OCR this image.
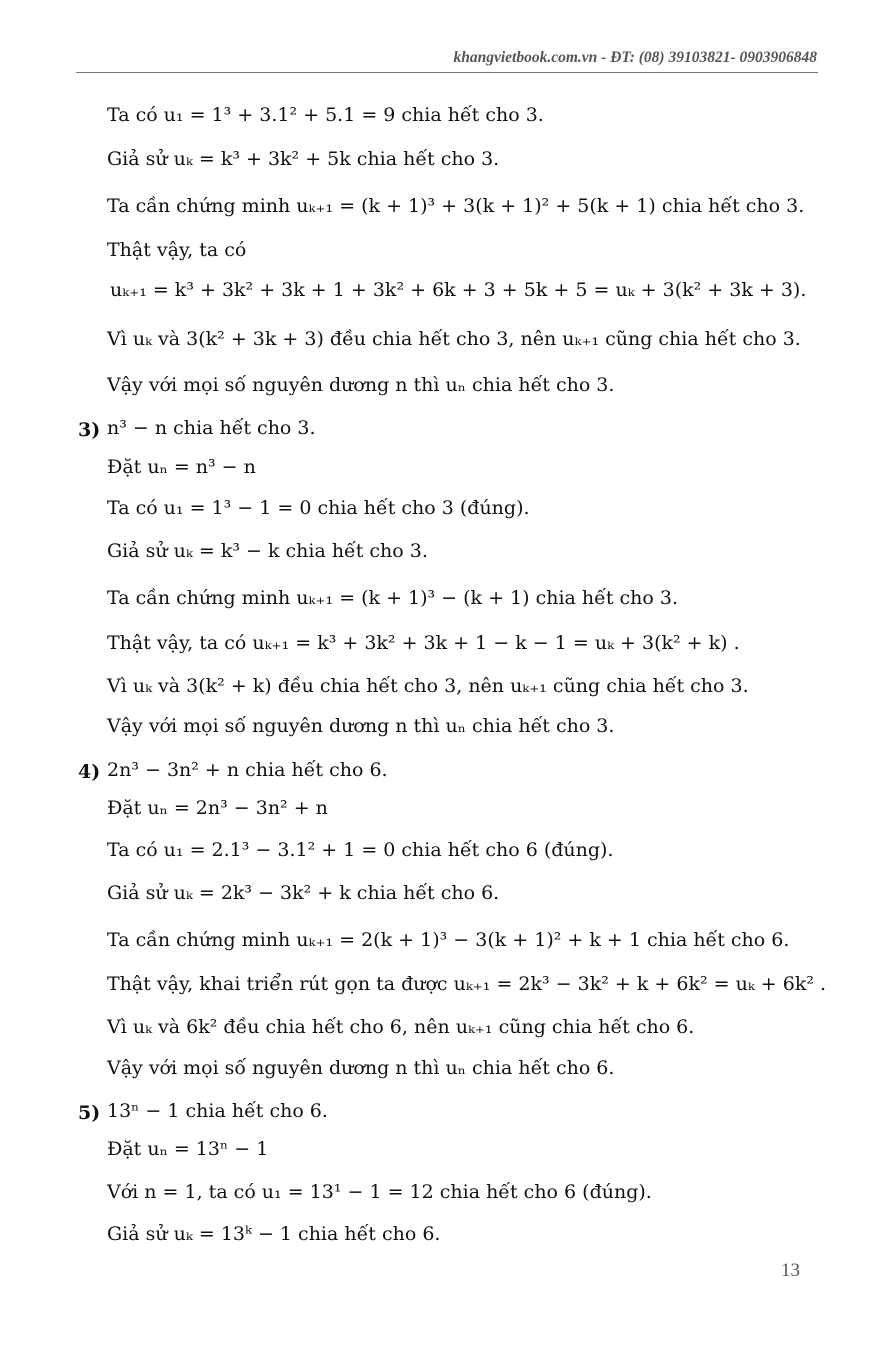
khangvietbook.com.vn - ĐT: (08) 39103821- 0903906848
Ta có u₁ = 1³ + 3.1² + 5.1 = 9 chia hết cho 3.
Giả sử uₖ = k³ + 3k² + 5k chia hết cho 3.
Ta cần chứng minh uₖ₊₁ = (k + 1)³ + 3(k + 1)² + 5(k + 1) chia hết cho 3.
Thật vậy, ta có
uₖ₊₁ = k³ + 3k² + 3k + 1 + 3k² + 6k + 3 + 5k + 5 = uₖ + 3(k² + 3k + 3).
Vì uₖ và 3(k² + 3k + 3) đều chia hết cho 3, nên uₖ₊₁ cũng chia hết cho 3.
Vậy với mọi số nguyên dương n thì uₙ chia hết cho 3.
3) n³ − n chia hết cho 3.
Đặt uₙ = n³ − n
Ta có u₁ = 1³ − 1 = 0 chia hết cho 3 (đúng).
Giả sử uₖ = k³ − k chia hết cho 3.
Ta cần chứng minh uₖ₊₁ = (k + 1)³ − (k + 1) chia hết cho 3.
Thật vậy, ta có uₖ₊₁ = k³ + 3k² + 3k + 1 − k − 1 = uₖ + 3(k² + k) .
Vì uₖ và 3(k² + k) đều chia hết cho 3, nên uₖ₊₁ cũng chia hết cho 3.
Vậy với mọi số nguyên dương n thì uₙ chia hết cho 3.
4) 2n³ − 3n² + n chia hết cho 6.
Đặt uₙ = 2n³ − 3n² + n
Ta có u₁ = 2.1³ − 3.1² + 1 = 0 chia hết cho 6 (đúng).
Giả sử uₖ = 2k³ − 3k² + k chia hết cho 6.
Ta cần chứng minh uₖ₊₁ = 2(k + 1)³ − 3(k + 1)² + k + 1 chia hết cho 6.
Thật vậy, khai triển rút gọn ta được uₖ₊₁ = 2k³ − 3k² + k + 6k² = uₖ + 6k² .
Vì uₖ và 6k² đều chia hết cho 6, nên uₖ₊₁ cũng chia hết cho 6.
Vậy với mọi số nguyên dương n thì uₙ chia hết cho 6.
5) 13ⁿ − 1 chia hết cho 6.
Đặt uₙ = 13ⁿ − 1
Với n = 1, ta có u₁ = 13¹ − 1 = 12 chia hết cho 6 (đúng).
Giả sử uₖ = 13ᵏ − 1 chia hết cho 6.
13
